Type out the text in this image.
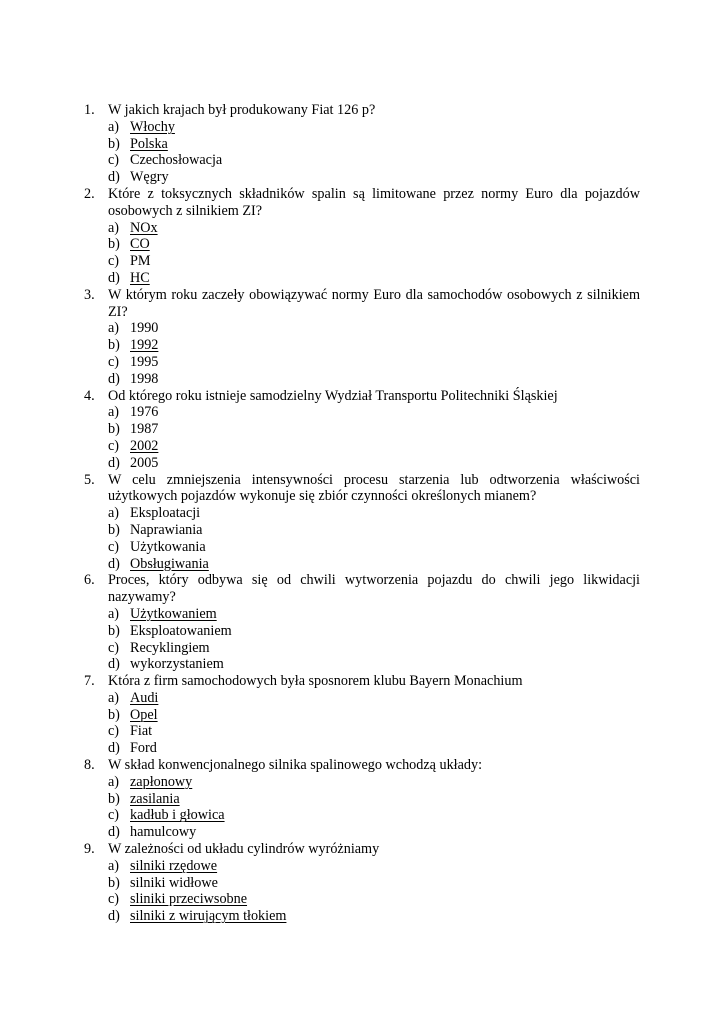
1. W jakich krajach był produkowany Fiat 126 p?
a) Włochy
b) Polska
c) Czechosłowacja
d) Węgry
2. Które z toksycznych składników spalin są limitowane przez normy Euro dla pojazdów osobowych z silnikiem ZI?
a) NOx
b) CO
c) PM
d) HC
3. W którym roku zaczeły obowiązywać normy Euro dla samochodów osobowych z silnikiem ZI?
a) 1990
b) 1992
c) 1995
d) 1998
4. Od którego roku istnieje samodzielny Wydział Transportu Politechniki Śląskiej
a) 1976
b) 1987
c) 2002
d) 2005
5. W celu zmniejszenia intensywności procesu starzenia lub odtworzenia właściwości użytkowych pojazdów wykonuje się zbiór czynności określonych mianem?
a) Eksploatacji
b) Naprawiania
c) Użytkowania
d) Obsługiwania
6. Proces, który odbywa się od chwili wytworzenia pojazdu do chwili jego likwidacji nazywamy?
a) Użytkowaniem
b) Eksploatowaniem
c) Recyklingiem
d) wykorzystaniem
7. Która z firm samochodowych była sposnorem klubu Bayern Monachium
a) Audi
b) Opel
c) Fiat
d) Ford
8. W skład konwencjonalnego silnika spalinowego wchodzą układy:
a) zapłonowy
b) zasilania
c) kadłub i głowica
d) hamulcowy
9. W zależności od układu cylindrów wyróżniamy
a) silniki rzędowe
b) silniki widłowe
c) sliniki przeciwsobne
d) silniki z wirującym tłokiem
